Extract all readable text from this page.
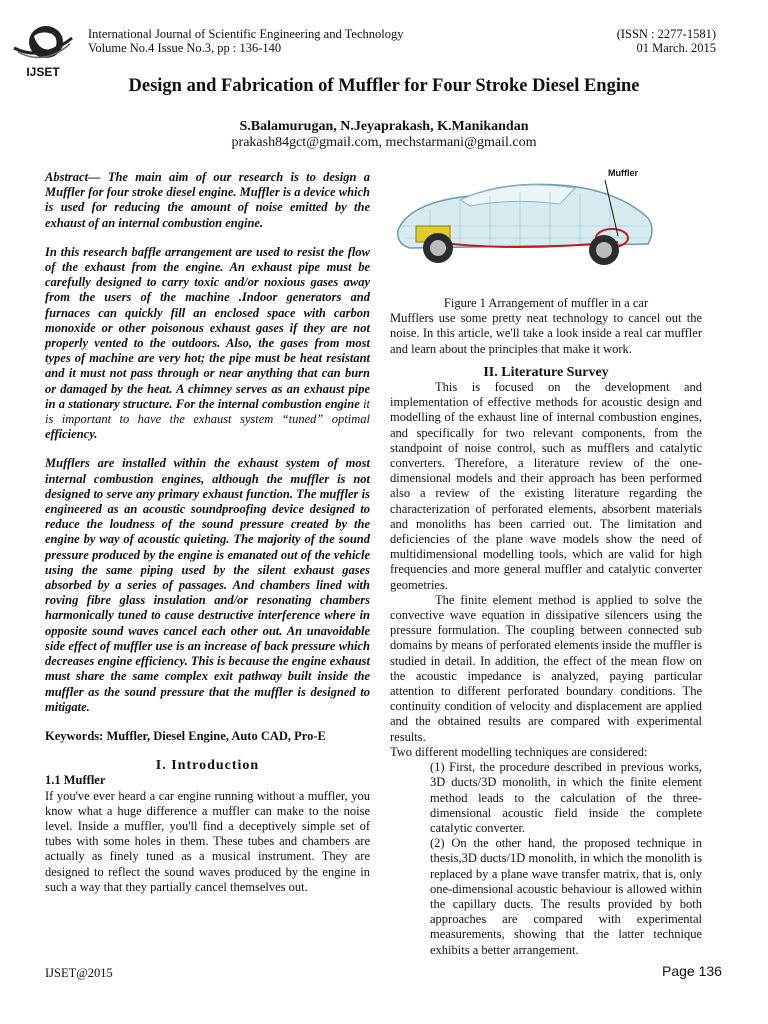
IJSET
International Journal of Scientific Engineering and Technology
Volume No.4 Issue No.3, pp : 136-140
(ISSN : 2277-1581)
01 March. 2015
Design and Fabrication of Muffler for Four Stroke Diesel Engine
S.Balamurugan, N.Jeyaprakash, K.Manikandan
prakash84gct@gmail.com, mechstarmani@gmail.com

Abstract— The main aim of our research is to design a Muffler for four stroke diesel engine. Muffler is a device which is used for reducing the amount of noise emitted by the exhaust of an internal combustion engine.

In this research baffle arrangement are used to resist the flow of the exhaust from the engine. An exhaust pipe must be carefully designed to carry toxic and/or noxious gases away from the users of the machine .Indoor generators and furnaces can quickly fill an enclosed space with carbon monoxide or other poisonous exhaust gases if they are not properly vented to the outdoors. Also, the gases from most types of machine are very hot; the pipe must be heat resistant and it must not pass through or near anything that can burn or damaged by the heat. A chimney serves as an exhaust pipe in a stationary structure. For the internal combustion engine it is important to have the exhaust system “tuned” optimal efficiency.

Mufflers are installed within the exhaust system of most internal combustion engines, although the muffler is not designed to serve any primary exhaust function. The muffler is engineered as an acoustic soundproofing device designed to reduce the loudness of the sound pressure created by the engine by way of acoustic quieting. The majority of the sound pressure produced by the engine is emanated out of the vehicle using the same piping used by the silent exhaust gases absorbed by a series of passages. And chambers lined with roving fibre glass insulation and/or resonating chambers harmonically tuned to cause destructive interference where in opposite sound waves cancel each other out. An unavoidable side effect of muffler use is an increase of back pressure which decreases engine efficiency. This is because the engine exhaust must share the same complex exit pathway built inside the muffler as the sound pressure that the muffler is designed to mitigate.

Keywords: Muffler, Diesel Engine, Auto CAD, Pro-E

I. Introduction

1.1 Muffler

If you've ever heard a car engine running without a muffler, you know what a huge difference a muffler can make to the noise level. Inside a muffler, you'll find a deceptively simple set of tubes with some holes in them. These tubes and chambers are actually as finely tuned as a musical instrument. They are designed to reflect the sound waves produced by the engine in such a way that they partially cancel themselves out.

Muffler

Figure 1 Arrangement of muffler in a car

Mufflers use some pretty neat technology to cancel out the noise. In this article, we'll take a look inside a real car muffler and learn about the principles that make it work.

II. Literature Survey

This is focused on the development and implementation of effective methods for acoustic design and modelling of the exhaust line of internal combustion engines, and specifically for two relevant components, from the standpoint of noise control, such as mufflers and catalytic converters. Therefore, a literature review of the one-dimensional models and their approach has been performed also a review of the existing literature regarding the characterization of perforated elements, absorbent materials and monoliths has been carried out. The limitation and deficiencies of the plane wave models show the need of multidimensional modelling tools, which are valid for high frequencies and more general muffler and catalytic converter geometries.

The finite element method is applied to solve the convective wave equation in dissipative silencers using the pressure formulation. The coupling between connected sub domains by means of perforated elements inside the muffler is studied in detail. In addition, the effect of the mean flow on the acoustic impedance is analyzed, paying particular attention to different perforated boundary conditions. The continuity condition of velocity and displacement are applied and the obtained results are compared with experimental results.

Two different modelling techniques are considered:

(1) First, the procedure described in previous works, 3D ducts/3D monolith, in which the finite element method leads to the calculation of the three-dimensional acoustic field inside the complete catalytic converter.

(2) On the other hand, the proposed technique in thesis,3D ducts/1D monolith, in which the monolith is replaced by a plane wave transfer matrix, that is, only one-dimensional acoustic behaviour is allowed within the capillary ducts. The results provided by both approaches are compared with experimental measurements, showing that the latter technique exhibits a better arrangement.

IJSET@2015	Page 136
